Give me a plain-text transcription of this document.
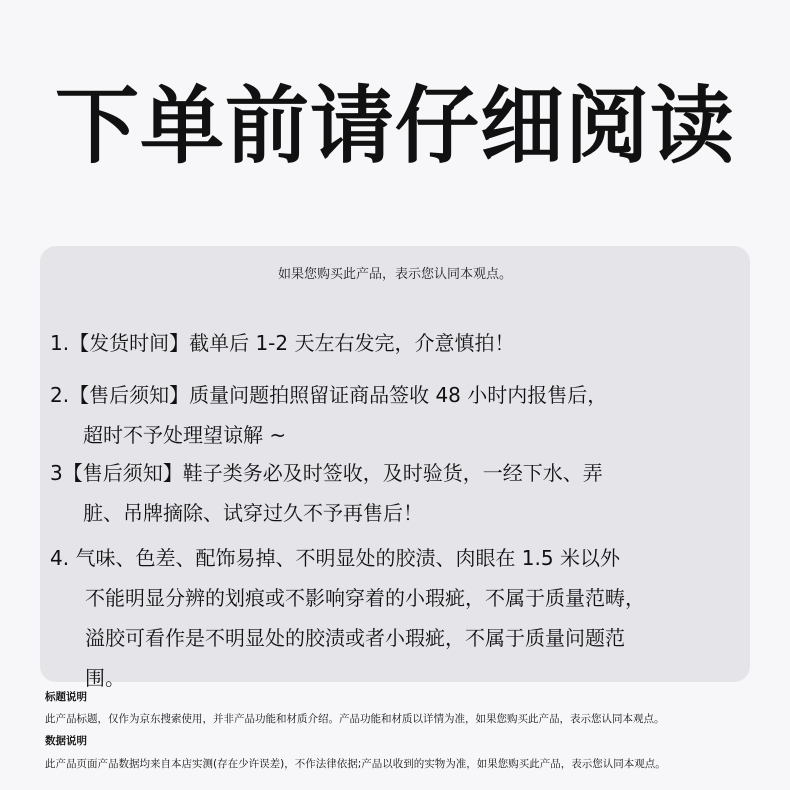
下单前请仔细阅读
如果您购买此产品，表示您认同本观点。
1.【发货时间】截单后 1-2 天左右发完，介意慎拍！
2.【售后须知】质量问题拍照留证商品签收 48 小时内报售后，
超时不予处理望谅解 ~
3【售后须知】鞋子类务必及时签收，及时验货，一经下水、弄
脏、吊牌摘除、试穿过久不予再售后！
4. 气味、色差、配饰易掉、不明显处的胶渍、肉眼在 1.5 米以外
不能明显分辨的划痕或不影响穿着的小瑕疵，不属于质量范畴，
溢胶可看作是不明显处的胶渍或者小瑕疵，不属于质量问题范
围。
标题说明
此产品标题，仅作为京东搜索使用，并非产品功能和材质介绍。产品功能和材质以详情为准，如果您购买此产品，表示您认同本观点。
数据说明
此产品页面产品数据均来自本店实测(存在少许误差)，不作法律依据;产品以收到的实物为准，如果您购买此产品，表示您认同本观点。
